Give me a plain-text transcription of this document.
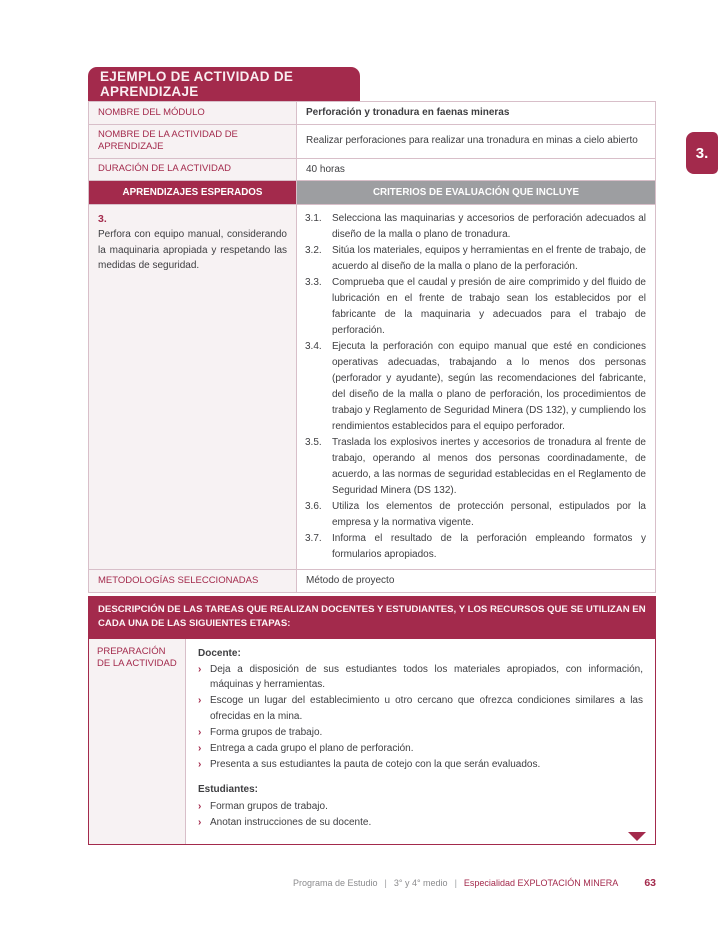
3.
EJEMPLO DE ACTIVIDAD DE APRENDIZAJE
NOMBRE DEL MÓDULO	Perforación y tronadura en faenas mineras
NOMBRE DE LA ACTIVIDAD DE APRENDIZAJE	Realizar perforaciones para realizar una tronadura en minas a cielo abierto
DURACIÓN DE LA ACTIVIDAD	40 horas
APRENDIZAJES ESPERADOS	CRITERIOS DE EVALUACIÓN QUE INCLUYE

3.
Perfora con equipo manual, considerando la maquinaria apropiada y respetando las medidas de seguridad.

3.1.	Selecciona las maquinarias y accesorios de perforación adecuados al diseño de la malla o plano de tronadura.
3.2.	Sitúa los materiales, equipos y herramientas en el frente de trabajo, de acuerdo al diseño de la malla o plano de la perforación.
3.3.	Comprueba que el caudal y presión de aire comprimido y del fluido de lubricación en el frente de trabajo sean los establecidos por el fabricante de la maquinaria y adecuados para el trabajo de perforación.
3.4.	Ejecuta la perforación con equipo manual que esté en condiciones operativas adecuadas, trabajando a lo menos dos personas (perforador y ayudante), según las recomendaciones del fabricante, del diseño de la malla o plano de perforación, los procedimientos de trabajo y Reglamento de Seguridad Minera (DS 132), y cumpliendo los rendimientos establecidos para el equipo perforador.
3.5.	Traslada los explosivos inertes y accesorios de tronadura al frente de trabajo, operando al menos dos personas coordinadamente, de acuerdo, a las normas de seguridad establecidas en el Reglamento de Seguridad Minera (DS 132).
3.6.	Utiliza los elementos de protección personal, estipulados por la empresa y la normativa vigente.
3.7.	Informa el resultado de la perforación empleando formatos y formularios apropiados.

METODOLOGÍAS SELECCIONADAS	Método de proyecto
DESCRIPCIÓN DE LAS TAREAS QUE REALIZAN DOCENTES Y ESTUDIANTES, Y LOS RECURSOS QUE SE UTILIZAN EN CADA UNA DE LAS SIGUIENTES ETAPAS:
PREPARACIÓN DE LA ACTIVIDAD
Docente:
› Deja a disposición de sus estudiantes todos los materiales apropiados, con información, máquinas y herramientas.
› Escoge un lugar del establecimiento u otro cercano que ofrezca condiciones similares a las ofrecidas en la mina.
› Forma grupos de trabajo.
› Entrega a cada grupo el plano de perforación.
› Presenta a sus estudiantes la pauta de cotejo con la que serán evaluados.
Estudiantes:
› Forman grupos de trabajo.
› Anotan instrucciones de su docente.
Programa de Estudio | 3° y 4° medio | Especialidad EXPLOTACIÓN MINERA 63
